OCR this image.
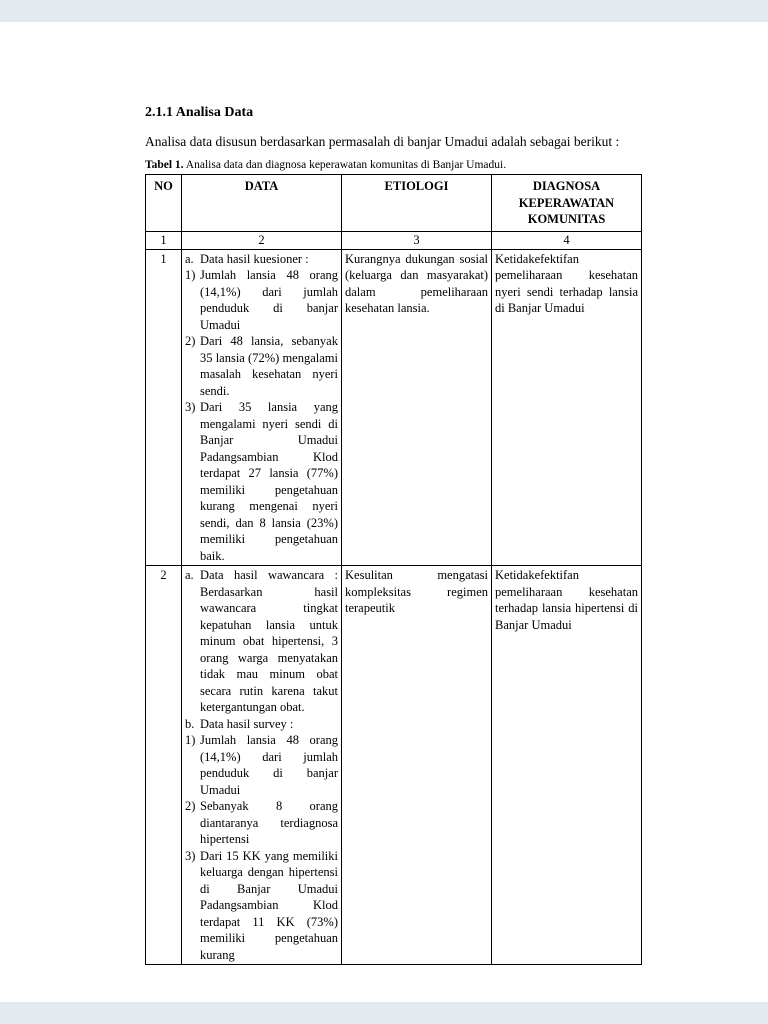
2.1.1 Analisa Data

Analisa data disusun berdasarkan permasalah di banjar Umadui adalah sebagai berikut :

Tabel 1. Analisa data dan diagnosa keperawatan komunitas di Banjar Umadui.

NO	DATA	ETIOLOGI	DIAGNOSA KEPERAWATAN KOMUNITAS
1	2	3	4
1	a. Data hasil kuesioner :
1) Jumlah lansia 48 orang (14,1%) dari jumlah penduduk di banjar Umadui
2) Dari 48 lansia, sebanyak 35 lansia (72%) mengalami masalah kesehatan nyeri sendi.
3) Dari 35 lansia yang mengalami nyeri sendi di Banjar Umadui Padangsambian Klod terdapat 27 lansia (77%) memiliki pengetahuan kurang mengenai nyeri sendi, dan 8 lansia (23%) memiliki pengetahuan baik.	Kurangnya dukungan sosial (keluarga dan masyarakat) dalam pemeliharaan kesehatan lansia.	Ketidakefektifan pemeliharaan kesehatan nyeri sendi terhadap lansia di Banjar Umadui
2	a. Data hasil wawancara : Berdasarkan hasil wawancara tingkat kepatuhan lansia untuk minum obat hipertensi, 3 orang warga menyatakan tidak mau minum obat secara rutin karena takut ketergantungan obat.
b. Data hasil survey :
1) Jumlah lansia 48 orang (14,1%) dari jumlah penduduk di banjar Umadui
2) Sebanyak 8 orang diantaranya terdiagnosa hipertensi
3) Dari 15 KK yang memiliki keluarga dengan hipertensi di Banjar Umadui Padangsambian Klod terdapat 11 KK (73%) memiliki pengetahuan kurang	Kesulitan mengatasi kompleksitas regimen terapeutik	Ketidakefektifan pemeliharaan kesehatan terhadap lansia hipertensi di Banjar Umadui
